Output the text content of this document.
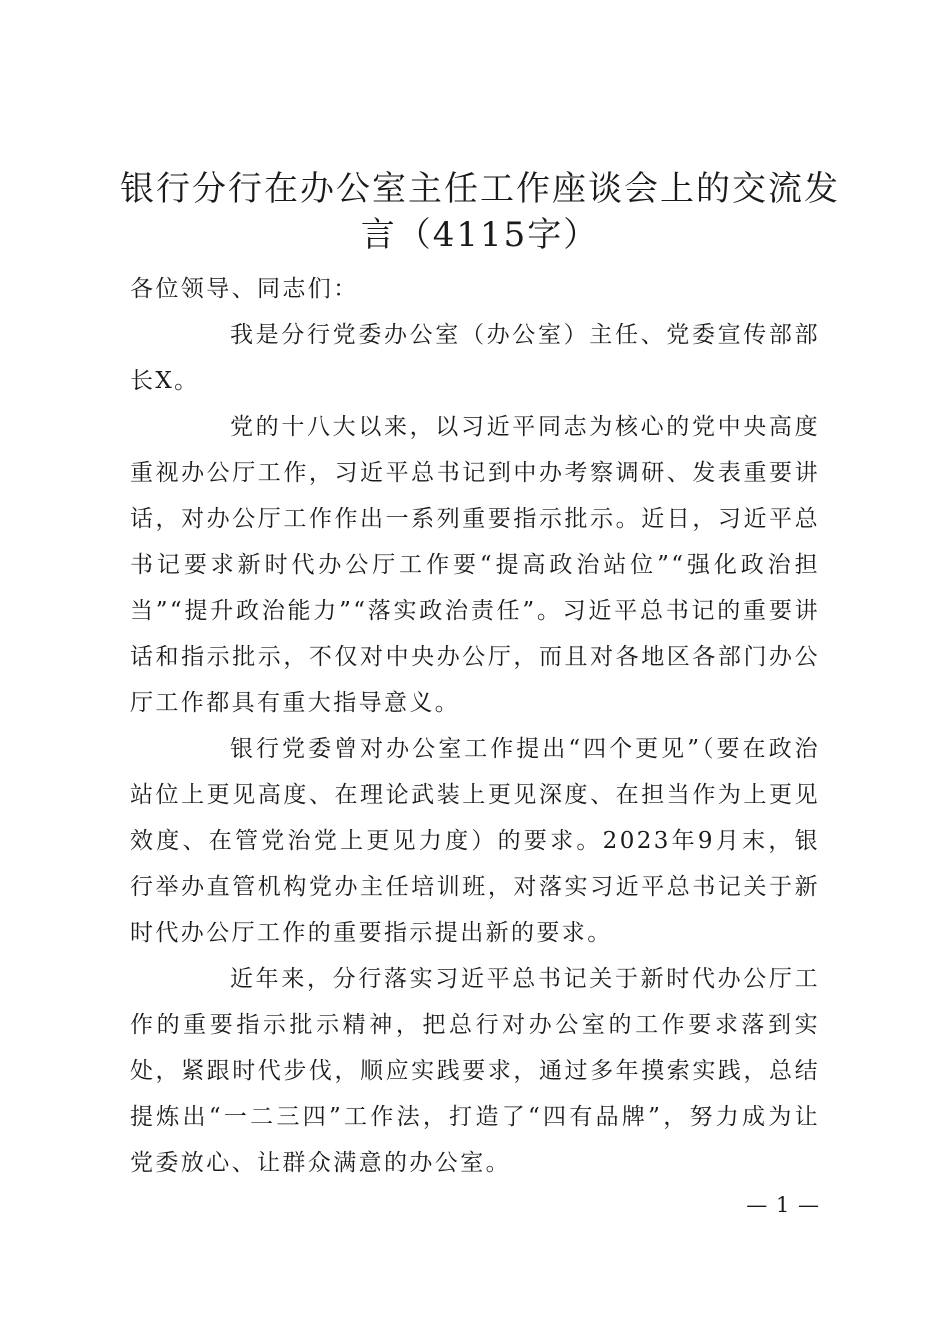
银行分行在办公室主任工作座谈会上的交流发言（4115字）

各位领导、同志们：

我是分行党委办公室（办公室）主任、党委宣传部部长X。

党的十八大以来，以习近平同志为核心的党中央高度重视办公厅工作，习近平总书记到中办考察调研、发表重要讲话，对办公厅工作作出一系列重要指示批示。近日，习近平总书记要求新时代办公厅工作要“提高政治站位”“强化政治担当”“提升政治能力”“落实政治责任”。习近平总书记的重要讲话和指示批示，不仅对中央办公厅，而且对各地区各部门办公厅工作都具有重大指导意义。

银行党委曾对办公室工作提出“四个更见”（要在政治站位上更见高度、在理论武装上更见深度、在担当作为上更见效度、在管党治党上更见力度）的要求。2023年9月末，银行举办直管机构党办主任培训班，对落实习近平总书记关于新时代办公厅工作的重要指示提出新的要求。

近年来，分行落实习近平总书记关于新时代办公厅工作的重要指示批示精神，把总行对办公室的工作要求落到实处，紧跟时代步伐，顺应实践要求，通过多年摸索实践，总结提炼出“一二三四”工作法，打造了“四有品牌”，努力成为让党委放心、让群众满意的办公室。

— 1 —
